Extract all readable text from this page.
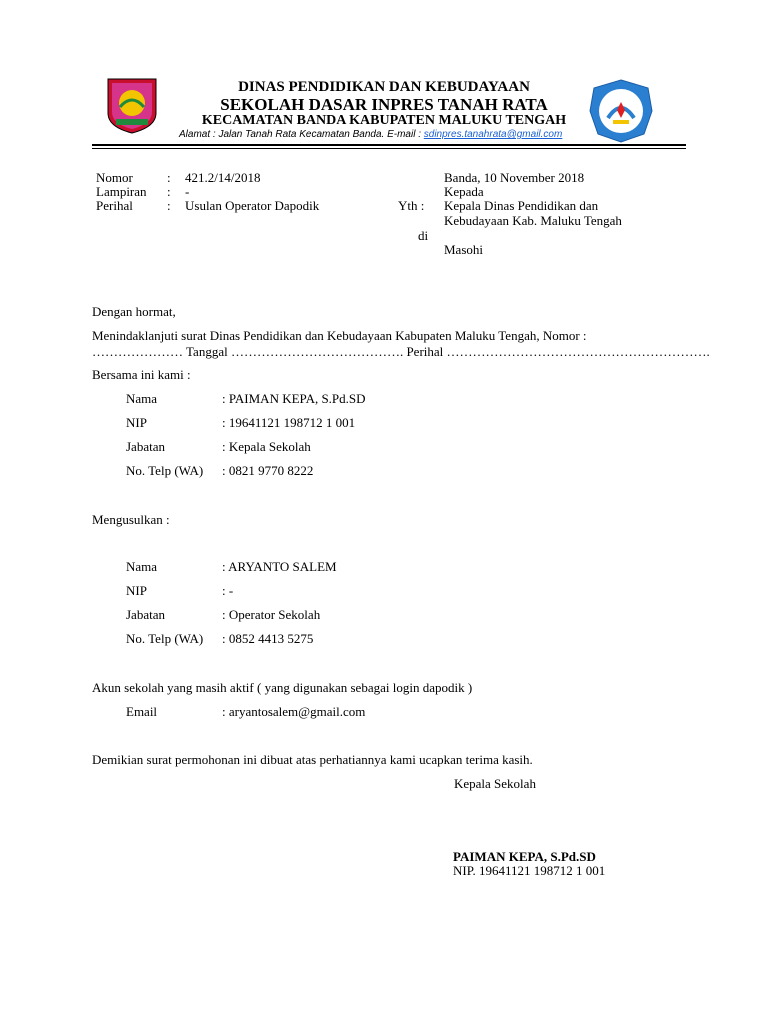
DINAS PENDIDIKAN DAN KEBUDAYAAN
SEKOLAH DASAR INPRES TANAH RATA
KECAMATAN BANDA KABUPATEN MALUKU TENGAH
Alamat : Jalan Tanah Rata Kecamatan Banda. E-mail : sdinpres.tanahrata@gmail.com
Nomor	: 421.2/14/2018
Lampiran : -
Perihal	: Usulan Operator Dapodik
Banda, 10 November 2018
Kepada
Yth : Kepala Dinas Pendidikan dan
Kebudayaan Kab. Maluku Tengah
di
Masohi
Dengan hormat,
Menindaklanjuti surat Dinas Pendidikan dan Kebudayaan Kabupaten Maluku Tengah, Nomor :
………………… Tanggal …………………………………. Perihal …………………………………………………….
Bersama ini kami :
Nama	: PAIMAN KEPA, S.Pd.SD
NIP	: 19641121 198712 1 001
Jabatan	: Kepala Sekolah
No. Telp (WA) : 0821 9770 8222
Mengusulkan :
Nama	: ARYANTO SALEM
NIP	: -
Jabatan	: Operator Sekolah
No. Telp (WA) : 0852 4413 5275
Akun sekolah yang masih aktif ( yang digunakan sebagai login dapodik )
Email	: aryantosalem@gmail.com
Demikian surat permohonan ini dibuat atas perhatiannya kami ucapkan terima kasih.
Kepala Sekolah
PAIMAN KEPA, S.Pd.SD
NIP. 19641121 198712 1 001
